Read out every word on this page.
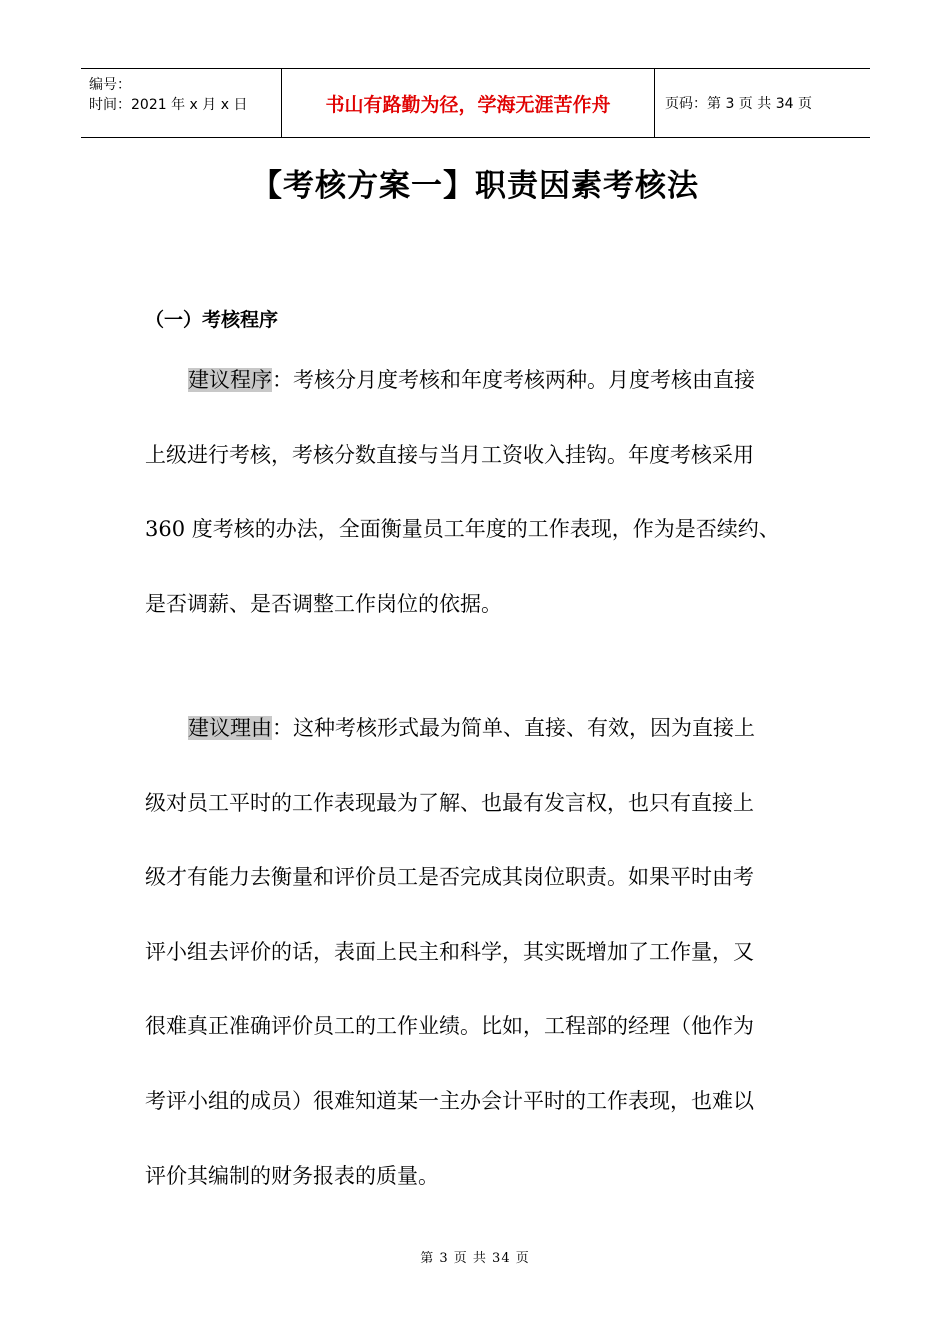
编号：
时间：2021 年 x 月 x 日	书山有路勤为径，学海无涯苦作舟	页码：第 3 页 共 34 页
【考核方案一】职责因素考核法
（一）考核程序
建议程序：考核分月度考核和年度考核两种。月度考核由直接
上级进行考核，考核分数直接与当月工资收入挂钩。年度考核采用
360 度考核的办法，全面衡量员工年度的工作表现，作为是否续约、
是否调薪、是否调整工作岗位的依据。
建议理由：这种考核形式最为简单、直接、有效，因为直接上
级对员工平时的工作表现最为了解、也最有发言权，也只有直接上
级才有能力去衡量和评价员工是否完成其岗位职责。如果平时由考
评小组去评价的话，表面上民主和科学，其实既增加了工作量，又
很难真正准确评价员工的工作业绩。比如，工程部的经理（他作为
考评小组的成员）很难知道某一主办会计平时的工作表现，也难以
评价其编制的财务报表的质量。
第 3 页 共 34 页
